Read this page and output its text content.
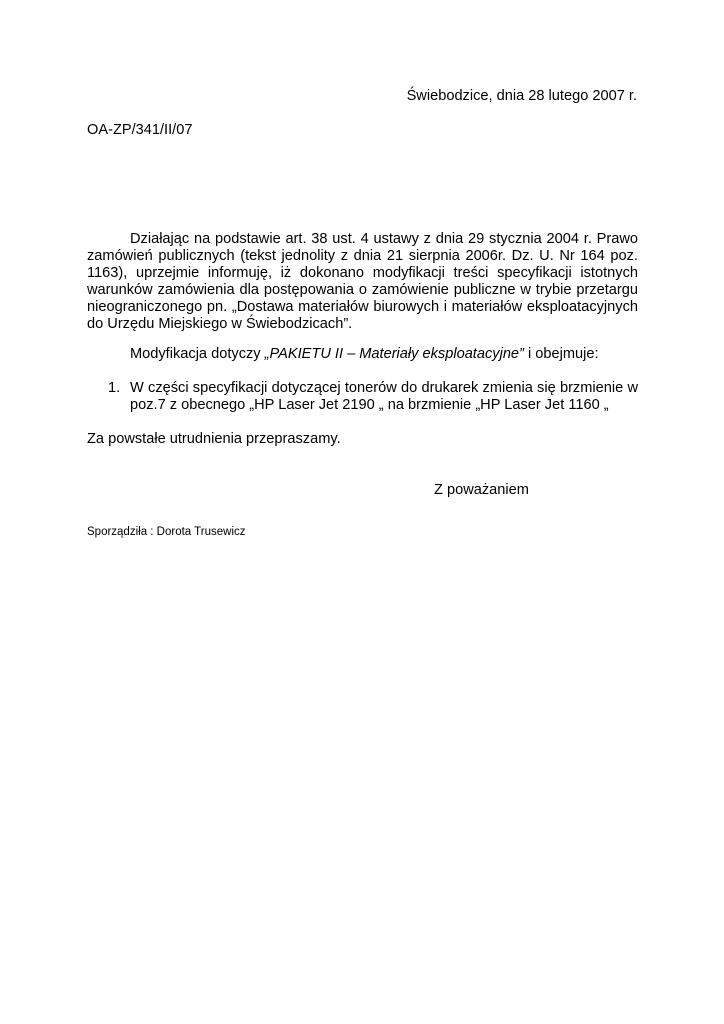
Świebodzice, dnia 28 lutego 2007 r.
OA-ZP/341/II/07

Działając na podstawie art. 38 ust. 4 ustawy z dnia 29 stycznia 2004 r. Prawo zamówień publicznych (tekst jednolity z dnia 21 sierpnia 2006r. Dz. U. Nr 164 poz. 1163), uprzejmie informuję, iż dokonano modyfikacji treści specyfikacji istotnych warunków zamówienia dla postępowania o zamówienie publiczne w trybie przetargu nieograniczonego pn. „Dostawa materiałów biurowych i materiałów eksploatacyjnych do Urzędu Miejskiego w Świebodzicach”.

Modyfikacja dotyczy „PAKIETU II – Materiały eksploatacyjne” i obejmuje:

1. W części specyfikacji dotyczącej tonerów do drukarek zmienia się brzmienie w poz.7 z obecnego „HP Laser Jet 2190 „ na brzmienie „HP Laser Jet 1160 „

Za powstałe utrudnienia przepraszamy.
Z poważaniem
Sporządziła : Dorota Trusewicz
